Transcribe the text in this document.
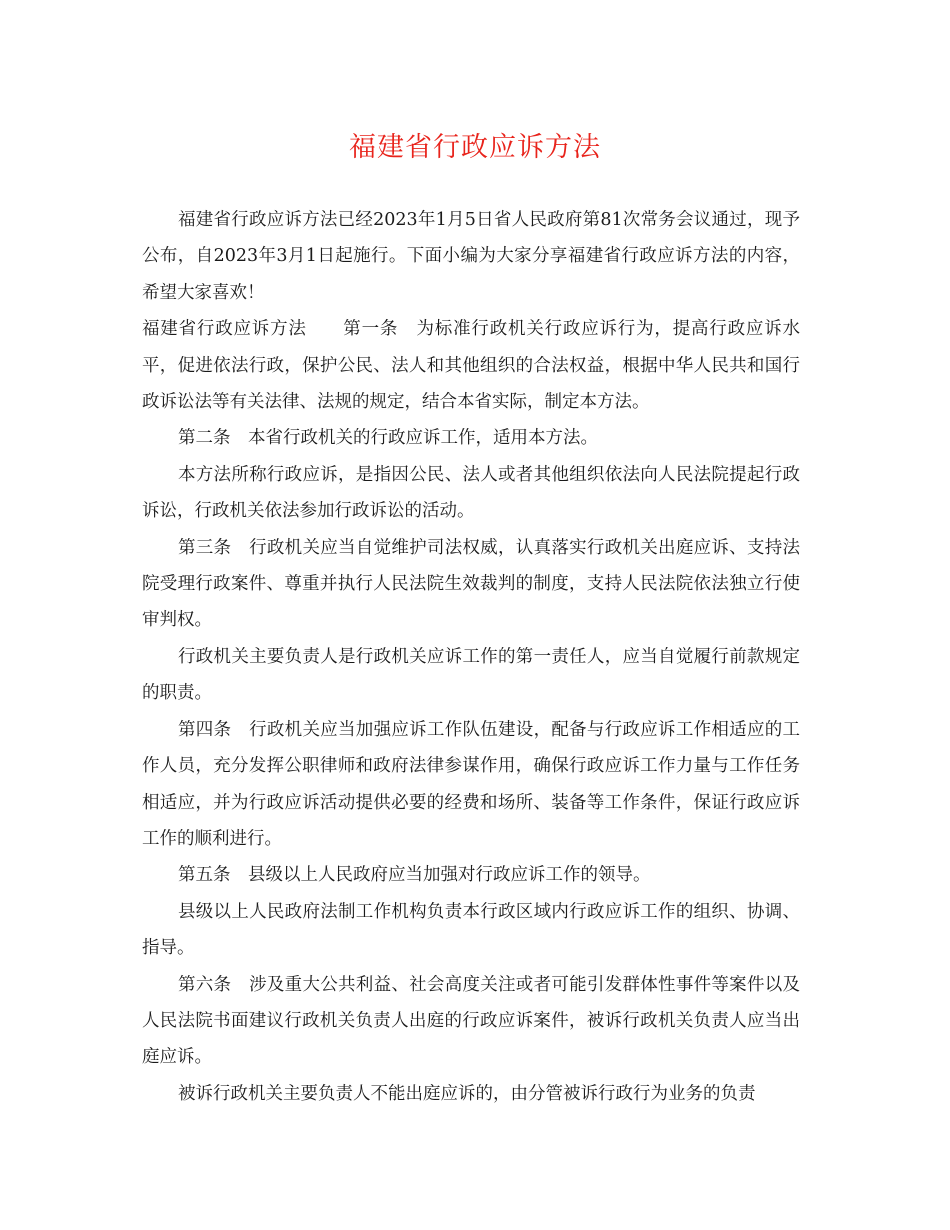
福建省行政应诉方法

福建省行政应诉方法已经2023年1月5日省人民政府第81次常务会议通过，现予公布，自2023年3月1日起施行。下面小编为大家分享福建省行政应诉方法的内容，希望大家喜欢！

福建省行政应诉方法　　第一条　为标准行政机关行政应诉行为，提高行政应诉水平，促进依法行政，保护公民、法人和其他组织的合法权益，根据中华人民共和国行政诉讼法等有关法律、法规的规定，结合本省实际，制定本方法。

第二条　本省行政机关的行政应诉工作，适用本方法。

本方法所称行政应诉，是指因公民、法人或者其他组织依法向人民法院提起行政诉讼，行政机关依法参加行政诉讼的活动。

第三条　行政机关应当自觉维护司法权威，认真落实行政机关出庭应诉、支持法院受理行政案件、尊重并执行人民法院生效裁判的制度，支持人民法院依法独立行使审判权。

行政机关主要负责人是行政机关应诉工作的第一责任人，应当自觉履行前款规定的职责。

第四条　行政机关应当加强应诉工作队伍建设，配备与行政应诉工作相适应的工作人员，充分发挥公职律师和政府法律参谋作用，确保行政应诉工作力量与工作任务相适应，并为行政应诉活动提供必要的经费和场所、装备等工作条件，保证行政应诉工作的顺利进行。

第五条　县级以上人民政府应当加强对行政应诉工作的领导。

县级以上人民政府法制工作机构负责本行政区域内行政应诉工作的组织、协调、指导。

第六条　涉及重大公共利益、社会高度关注或者可能引发群体性事件等案件以及人民法院书面建议行政机关负责人出庭的行政应诉案件，被诉行政机关负责人应当出庭应诉。

被诉行政机关主要负责人不能出庭应诉的，由分管被诉行政行为业务的负责
